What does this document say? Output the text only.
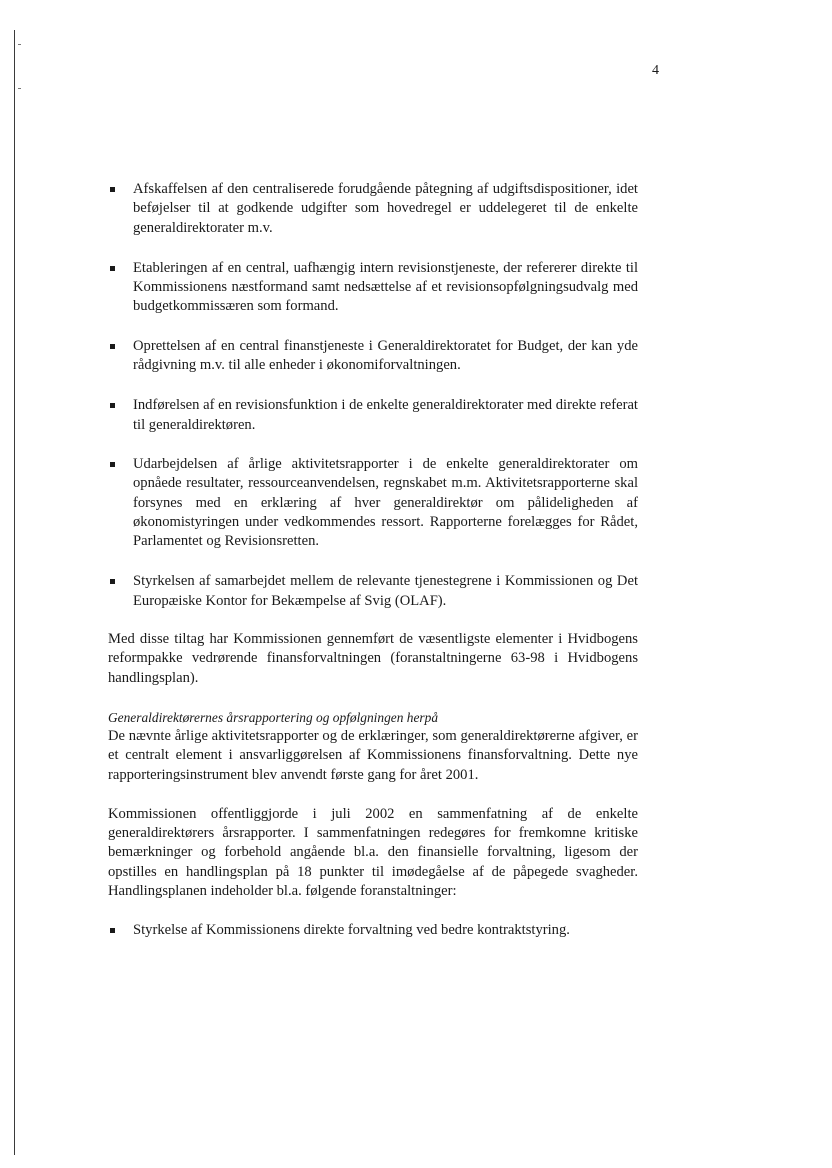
4
Afskaffelsen af den centraliserede forudgående påtegning af udgiftsdispositioner, idet beføjelser til at godkende udgifter som hovedregel er uddelegeret til de enkelte generaldirektorater m.v.
Etableringen af en central, uafhængig intern revisionstjeneste, der refererer direkte til Kommissionens næstformand samt nedsættelse af et revisionsopfølgningsudvalg med budgetkommissæren som formand.
Oprettelsen af en central finanstjeneste i Generaldirektoratet for Budget, der kan yde rådgivning m.v. til alle enheder i økonomiforvaltningen.
Indførelsen af en revisionsfunktion i de enkelte generaldirektorater med direkte referat til generaldirektøren.
Udarbejdelsen af årlige aktivitetsrapporter i de enkelte generaldirektorater om opnåede resultater, ressourceanvendelsen, regnskabet m.m. Aktivitetsrapporterne skal forsynes med en erklæring af hver generaldirektør om pålideligheden af økonomistyringen under vedkommendes ressort. Rapporterne forelægges for Rådet, Parlamentet og Revisionsretten.
Styrkelsen af samarbejdet mellem de relevante tjenestegrene i Kommissionen og Det Europæiske Kontor for Bekæmpelse af Svig (OLAF).

Med disse tiltag har Kommissionen gennemført de væsentligste elementer i Hvidbogens reformpakke vedrørende finansforvaltningen (foranstaltningerne 63-98 i Hvidbogens handlingsplan).

Generaldirektørernes årsrapportering og opfølgningen herpå

De nævnte årlige aktivitetsrapporter og de erklæringer, som generaldirektørerne afgiver, er et centralt element i ansvarliggørelsen af Kommissionens finansforvaltning. Dette nye rapporteringsinstrument blev anvendt første gang for året 2001.

Kommissionen offentliggjorde i juli 2002 en sammenfatning af de enkelte generaldirektørers årsrapporter. I sammenfatningen redegøres for fremkomne kritiske bemærkninger og forbehold angående bl.a. den finansielle forvaltning, ligesom der opstilles en handlingsplan på 18 punkter til imødegåelse af de påpegede svagheder. Handlingsplanen indeholder bl.a. følgende foranstaltninger:

Styrkelse af Kommissionens direkte forvaltning ved bedre kontraktstyring.
